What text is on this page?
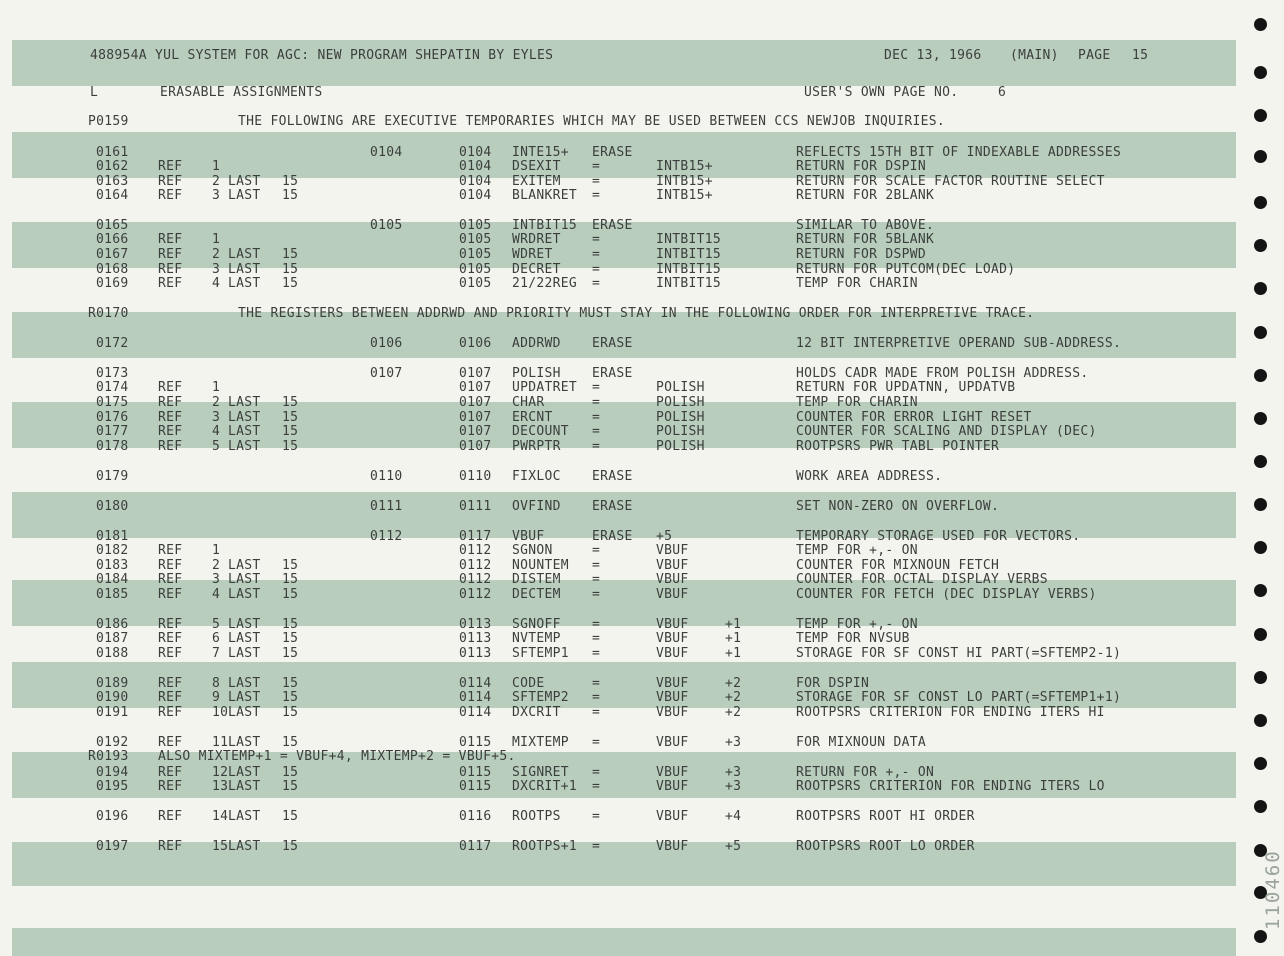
110460

488954A YUL SYSTEM FOR AGC: NEW PROGRAM SHEPATIN BY EYLES

	DEC 13, 1966

(MAIN)

PAGE

15

L

	ERASABLE ASSIGNMENTS

	USER'S OWN PAGE NO.

	6

P0159	THE FOLLOWING ARE EXECUTIVE TEMPORARIES WHICH MAY BE USED BETWEEN CCS NEWJOB INQUIRIES.
0161	0104	0104 INTE15+ ERASE	REFLECTS 15TH BIT OF INDEXABLE ADDRESSES
0162 REF 1	0104 DSEXIT =	INTB15+	RETURN FOR DSPIN
0163 REF 2 LAST 15	0104 EXITEM =	INTB15+	RETURN FOR SCALE FACTOR ROUTINE SELECT
0164 REF 3 LAST 15	0104 BLANKRET =	INTB15+	RETURN FOR 2BLANK
0165	0105	0105 INTBIT15 ERASE	SIMILAR TO ABOVE.
0166 REF 1	0105 WRDRET =	INTBIT15	RETURN FOR 5BLANK
0167 REF 2 LAST 15	0105 WDRET	=	INTBIT15	RETURN FOR DSPWD
0168 REF 3 LAST 15	0105 DECRET =	INTBIT15	RETURN FOR PUTCOM(DEC LOAD)
0169 REF 4 LAST 15	0105 21/22REG =	INTBIT15	TEMP FOR CHARIN
R0170	THE REGISTERS BETWEEN ADDRWD AND PRIORITY MUST STAY IN THE FOLLOWING ORDER FOR INTERPRETIVE TRACE.
0172	0106	0106 ADDRWD ERASE	12 BIT INTERPRETIVE OPERAND SUB-ADDRESS.
0173	0107	0107 POLISH ERASE	HOLDS CADR MADE FROM POLISH ADDRESS.
0174 REF 1	0107 UPDATRET =	POLISH	RETURN FOR UPDATNN, UPDATVB
0175 REF 2 LAST 15	0107 CHAR	=	POLISH	TEMP FOR CHARIN
0176 REF 3 LAST 15	0107 ERCNT	=	POLISH	COUNTER FOR ERROR LIGHT RESET
0177 REF 4 LAST 15	0107 DECOUNT =	POLISH	COUNTER FOR SCALING AND DISPLAY (DEC)
0178 REF 5 LAST 15	0107 PWRPTR =	POLISH	ROOTPSRS PWR TABL POINTER
0179	0110	0110 FIXLOC ERASE	WORK AREA ADDRESS.
0180	0111	0111 OVFIND ERASE	SET NON-ZERO ON OVERFLOW.
0181	0112	0117 VBUF	ERASE +5	TEMPORARY STORAGE USED FOR VECTORS.
0182 REF 1	0112 SGNON	=	VBUF	TEMP FOR +,- ON
0183 REF 2 LAST 15	0112 NOUNTEM =	VBUF	COUNTER FOR MIXNOUN FETCH
0184 REF 3 LAST 15	0112 DISTEM =	VBUF	COUNTER FOR OCTAL DISPLAY VERBS
0185 REF 4 LAST 15	0112 DECTEM =	VBUF	COUNTER FOR FETCH (DEC DISPLAY VERBS)
0186 REF 5 LAST 15	0113 SGNOFF =	VBUF	+1	TEMP FOR +,- ON
0187 REF 6 LAST 15	0113 NVTEMP =	VBUF	+1	TEMP FOR NVSUB
0188 REF 7 LAST 15	0113 SFTEMP1 =	VBUF	+1	STORAGE FOR SF CONST HI PART(=SFTEMP2-1)
0189 REF 8 LAST 15	0114 CODE	=	VBUF	+2	FOR DSPIN
0190 REF 9 LAST 15	0114 SFTEMP2 =	VBUF	+2	STORAGE FOR SF CONST LO PART(=SFTEMP1+1)
0191 REF 10 LAST 15	0114 DXCRIT =	VBUF	+2	ROOTPSRS CRITERION FOR ENDING ITERS HI
0192 REF 11 LAST 15	0115 MIXTEMP =	VBUF	+3	FOR MIXNOUN DATA
R0193 ALSO MIXTEMP+1 = VBUF+4, MIXTEMP+2 = VBUF+5.
0194 REF 12 LAST 15	0115 SIGNRET =	VBUF	+3	RETURN FOR +,- ON
0195 REF 13 LAST 15	0115 DXCRIT+1 =	VBUF	+3	ROOTPSRS CRITERION FOR ENDING ITERS LO
0196 REF 14 LAST 15	0116 ROOTPS =	VBUF	+4	ROOTPSRS ROOT HI ORDER
0197 REF 15 LAST 15	0117 ROOTPS+1 =	VBUF	+5	ROOTPSRS ROOT LO ORDER
